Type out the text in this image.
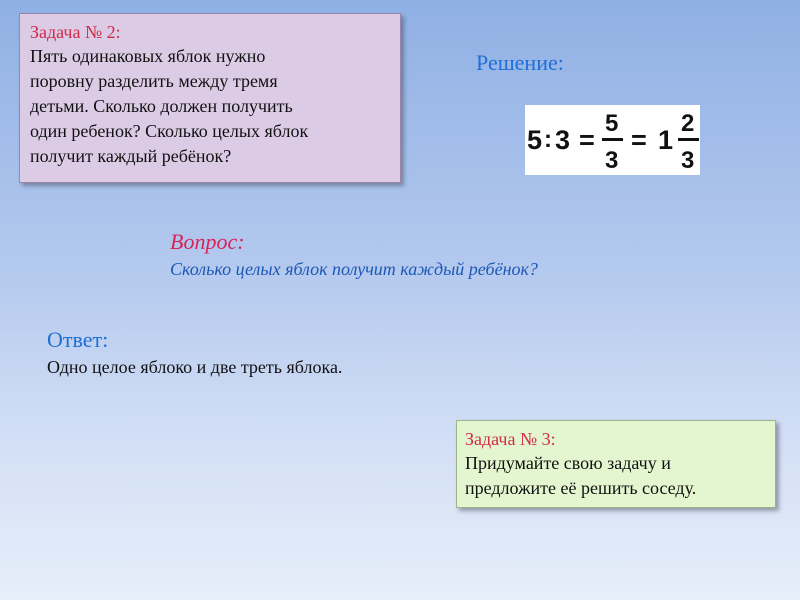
Задача № 2:
Пять одинаковых яблок нужно
поровну разделить между тремя
детьми. Сколько должен получить
один ребенок? Сколько целых яблок
получит каждый ребёнок?
Решение:
5 : 3 =
5
3
= 1
2
3
Вопрос:
Сколько целых яблок получит каждый ребёнок?
Ответ:
Одно целое яблоко и две треть яблока.
Задача № 3:
Придумайте свою задачу и
предложите её решить соседу.
